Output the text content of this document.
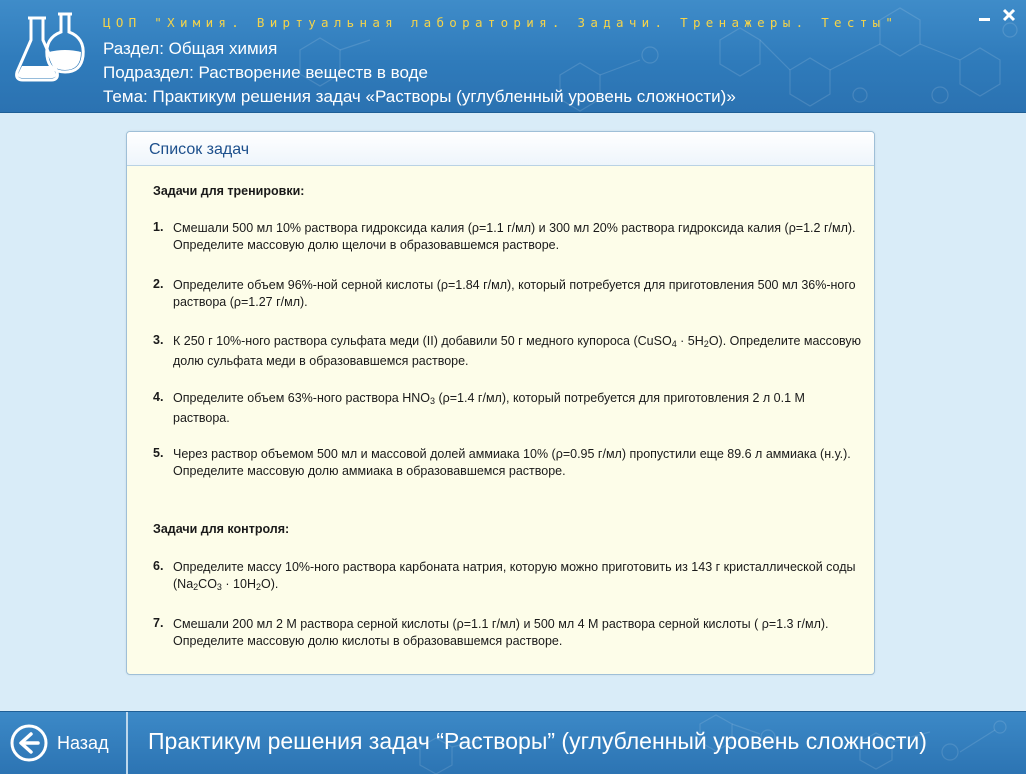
ЦОП "Химия. Виртуальная лаборатория. Задачи. Тренажеры. Тесты"
Раздел: Общая химия
Подраздел: Растворение веществ в воде
Тема: Практикум решения задач «Растворы (углубленный уровень сложности)»
Список задач
Задачи для тренировки:
1. Смешали 500 мл 10% раствора гидроксида калия (ρ=1.1 г/мл) и 300 мл 20% раствора гидроксида калия (ρ=1.2 г/мл). Определите массовую долю щелочи в образовавшемся растворе.
2. Определите объем 96%-ной серной кислоты (ρ=1.84 г/мл), который потребуется для приготовления 500 мл 36%-ного раствора (ρ=1.27 г/мл).
3. К 250 г 10%-ного раствора сульфата меди (II) добавили 50 г медного купороса (CuSO$_4$ · $5H_2O$). Определите массовую долю сульфата меди в образовавшемся растворе.
4. Определите объем 63%-ного раствора $HNO_3$ (ρ=1.4 г/мл), который потребуется для приготовления 2 л 0.1 М раствора.
5. Через раствор объемом 500 мл и массовой долей аммиака 10% (ρ=0.95 г/мл) пропустили еще 89.6 л аммиака (н.у.). Определите массовую долю аммиака в образовавшемся растворе.
Задачи для контроля:
6. Определите массу 10%-ного раствора карбоната натрия, которую можно приготовить из 143 г кристаллической соды $(Na_2CO_3 \cdot 10H_2O)$.
7. Смешали 200 мл 2 М раствора серной кислоты (ρ=1.1 г/мл) и 500 мл 4 М раствора серной кислоты ( ρ=1.3 г/мл). Определите массовую долю кислоты в образовавшемся растворе.
Назад Практикум решения задач “Растворы” (углубленный уровень сложности)
